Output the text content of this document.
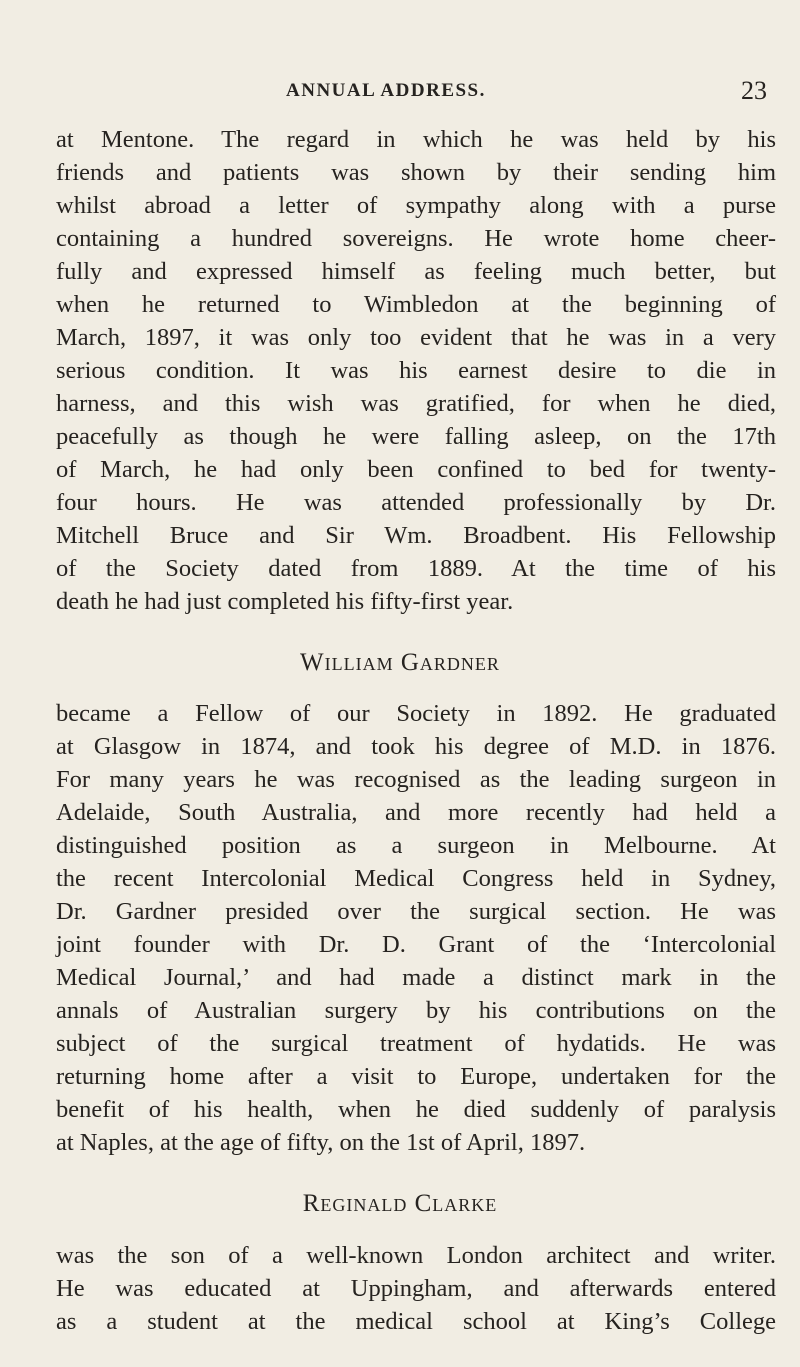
ANNUAL ADDRESS.	23
at Mentone. The regard in which he was held by his
friends and patients was shown by their sending him
whilst abroad a letter of sympathy along with a purse
containing a hundred sovereigns. He wrote home cheer-
fully and expressed himself as feeling much better, but
when he returned to Wimbledon at the beginning of
March, 1897, it was only too evident that he was in a very
serious condition. It was his earnest desire to die in
harness, and this wish was gratified, for when he died,
peacefully as though he were falling asleep, on the 17th
of March, he had only been confined to bed for twenty-
four hours. He was attended professionally by Dr.
Mitchell Bruce and Sir Wm. Broadbent. His Fellowship
of the Society dated from 1889. At the time of his
death he had just completed his fifty-first year.
William Gardner
became a Fellow of our Society in 1892. He graduated
at Glasgow in 1874, and took his degree of M.D. in 1876.
For many years he was recognised as the leading surgeon in
Adelaide, South Australia, and more recently had held a
distinguished position as a surgeon in Melbourne. At
the recent Intercolonial Medical Congress held in Sydney,
Dr. Gardner presided over the surgical section. He was
joint founder with Dr. D. Grant of the ‘Intercolonial
Medical Journal,’ and had made a distinct mark in the
annals of Australian surgery by his contributions on the
subject of the surgical treatment of hydatids. He was
returning home after a visit to Europe, undertaken for the
benefit of his health, when he died suddenly of paralysis
at Naples, at the age of fifty, on the 1st of April, 1897.
Reginald Clarke
was the son of a well-known London architect and writer.
He was educated at Uppingham, and afterwards entered
as a student at the medical school at King’s College
